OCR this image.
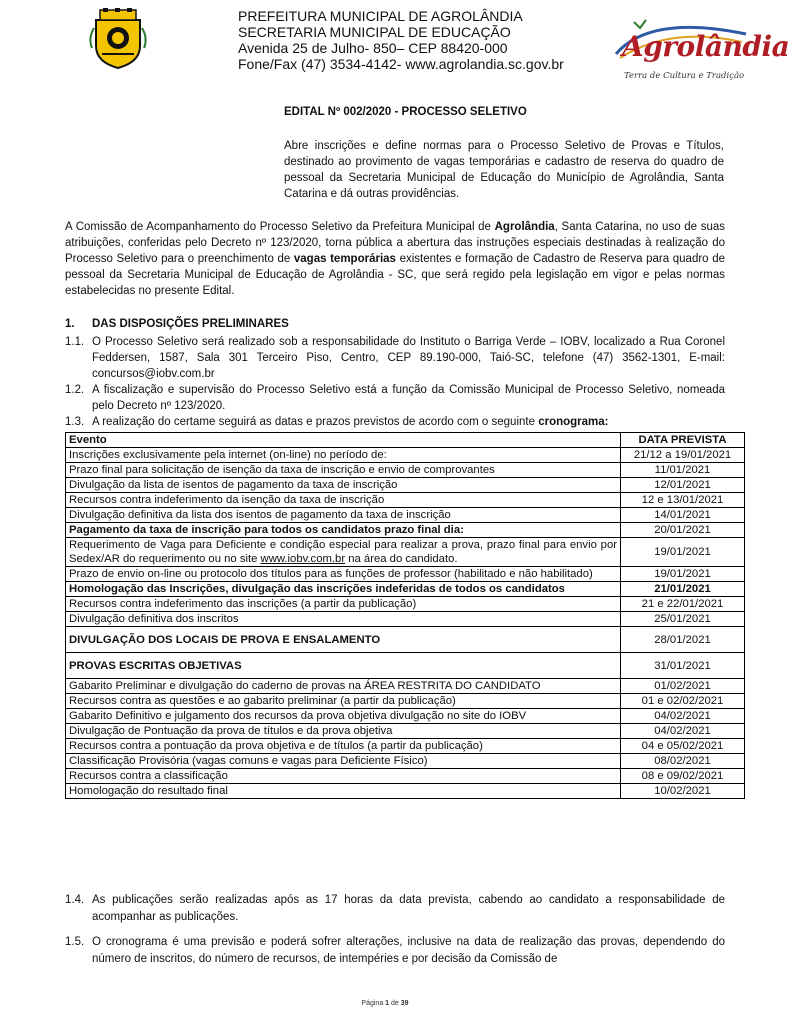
PREFEITURA MUNICIPAL DE AGROLÂNDIA
SECRETARIA MUNICIPAL DE EDUCAÇÃO
Avenida 25 de Julho- 850– CEP 88420-000
Fone/Fax (47) 3534-4142- www.agrolandia.sc.gov.br
Agrolândia
Terra de Cultura e Tradição
EDITAL Nº 002/2020 - PROCESSO SELETIVO
Abre inscrições e define normas para o Processo Seletivo de Provas e Títulos, destinado ao provimento de vagas temporárias e cadastro de reserva do quadro de pessoal da Secretaria Municipal de Educação do Município de Agrolândia, Santa Catarina e dá outras providências.
A Comissão de Acompanhamento do Processo Seletivo da Prefeitura Municipal de Agrolândia, Santa Catarina, no uso de suas atribuições, conferidas pelo Decreto nº 123/2020, torna pública a abertura das instruções especiais destinadas à realização do Processo Seletivo para o preenchimento de vagas temporárias existentes e formação de Cadastro de Reserva para quadro de pessoal da Secretaria Municipal de Educação de Agrolândia - SC, que será regido pela legislação em vigor e pelas normas estabelecidas no presente Edital.
1. DAS DISPOSIÇÕES PRELIMINARES
1.1. O Processo Seletivo será realizado sob a responsabilidade do Instituto o Barriga Verde – IOBV, localizado a Rua Coronel Feddersen, 1587, Sala 301 Terceiro Piso, Centro, CEP 89.190-000, Taió-SC, telefone (47) 3562-1301, E-mail: concursos@iobv.com.br
1.2. A fiscalização e supervisão do Processo Seletivo está a função da Comissão Municipal de Processo Seletivo, nomeada pelo Decreto nº 123/2020.
1.3. A realização do certame seguirá as datas e prazos previstos de acordo com o seguinte cronograma:
Evento	DATA PREVISTA
Inscrições exclusivamente pela internet (on-line) no período de:	21/12 a 19/01/2021
Prazo final para solicitação de isenção da taxa de inscrição e envio de comprovantes	11/01/2021
Divulgação da lista de isentos de pagamento da taxa de inscrição	12/01/2021
Recursos contra indeferimento da isenção da taxa de inscrição	12 e 13/01/2021
Divulgação definitiva da lista dos isentos de pagamento da taxa de inscrição	14/01/2021
Pagamento da taxa de inscrição para todos os candidatos prazo final dia:	20/01/2021
Requerimento de Vaga para Deficiente e condição especial para realizar a prova, prazo final para envio por Sedex/AR do requerimento ou no site www.iobv.com.br na área do candidato.	19/01/2021
Prazo de envio on-line ou protocolo dos títulos para as funções de professor (habilitado e não habilitado)	19/01/2021
Homologação das Inscrições, divulgação das inscrições indeferidas de todos os candidatos	21/01/2021
Recursos contra indeferimento das inscrições (a partir da publicação)	21 e 22/01/2021
Divulgação definitiva dos inscritos	25/01/2021
DIVULGAÇÃO DOS LOCAIS DE PROVA E ENSALAMENTO	28/01/2021
PROVAS ESCRITAS OBJETIVAS	31/01/2021
Gabarito Preliminar e divulgação do caderno de provas na ÁREA RESTRITA DO CANDIDATO	01/02/2021
Recursos contra as questões e ao gabarito preliminar (a partir da publicação)	01 e 02/02/2021
Gabarito Definitivo e julgamento dos recursos da prova objetiva divulgação no site do IOBV	04/02/2021
Divulgação de Pontuação da prova de títulos e da prova objetiva	04/02/2021
Recursos contra a pontuação da prova objetiva e de títulos (a partir da publicação)	04 e 05/02/2021
Classificação Provisória (vagas comuns e vagas para Deficiente Físico)	08/02/2021
Recursos contra a classificação	08 e 09/02/2021
Homologação do resultado final	10/02/2021
1.4. As publicações serão realizadas após as 17 horas da data prevista, cabendo ao candidato a responsabilidade de acompanhar as publicações.
1.5. O cronograma é uma previsão e poderá sofrer alterações, inclusive na data de realização das provas, dependendo do número de inscritos, do número de recursos, de intempéries e por decisão da Comissão de
Página 1 de 39
